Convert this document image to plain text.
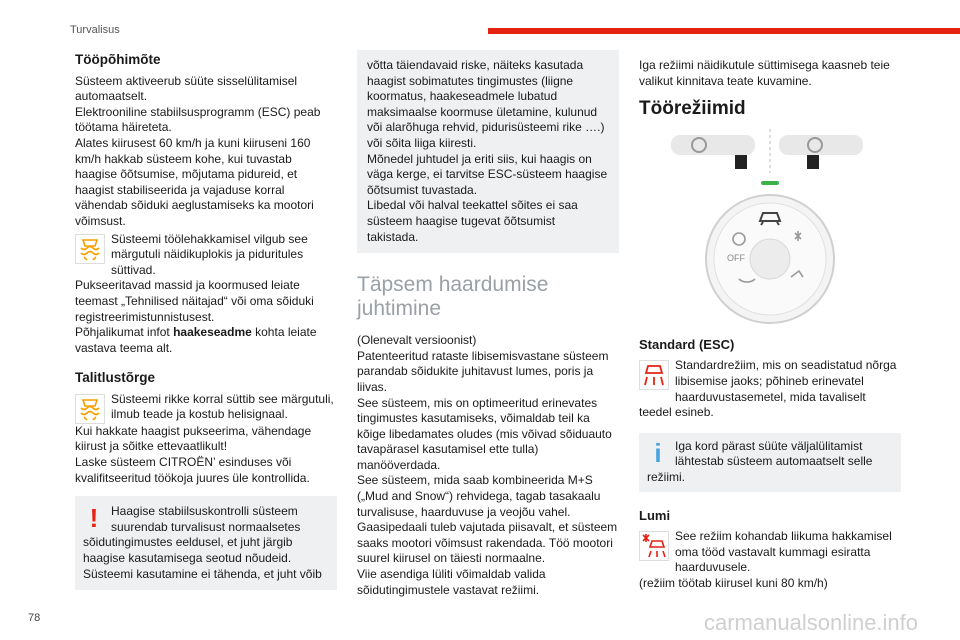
Turvalisus
Tööpõhimõte

Süsteem aktiveerub süüte sisselülitamisel automaatselt.
Elektrooniline stabiilsusprogramm (ESC) peab töötama häireteta.
Alates kiirusest 60 km/h ja kuni kiiruseni 160 km/h hakkab süsteem kohe, kui tuvastab haagise õõtsumise, mõjutama pidureid, et haagist stabiliseerida ja vajaduse korral vähendab sõiduki aeglustamiseks ka mootori võimsust.

Süsteemi töölehakkamisel vilgub see märgutuli näidikuplokis ja piduritules süttivad.

Pukseeritavad massid ja koormused leiate teemast „Tehnilised näitajad“ või oma sõiduki registreerimistunnistusest.
Põhjalikumat infot haakeseadme kohta leiate vastava teema alt.

Talitlustõrge
Süsteemi rikke korral süttib see märgutuli, ilmub teade ja kostub helisignaal.

Kui hakkate haagist pukseerima, vähendage kiirust ja sõitke ettevaatlikult!
Laske süsteem CITROËN’ esinduses või kvalifitseeritud töökoja juures üle kontrollida.

!	Haagise stabiilsuskontrolli süsteem suurendab turvalisust normaalsetes sõidutingimustes eeldusel, et juht järgib haagise kasutamisega seotud nõudeid. Süsteemi kasutamine ei tähenda, et juht võib

võtta täiendavaid riske, näiteks kasutada haagist sobimatutes tingimustes (liigne koormatus, haakeseadmele lubatud maksimaalse koormuse ületamine, kulunud või alarõhuga rehvid, pidurisüsteemi rike ….) või sõita liiga kiiresti.
Mõnedel juhtudel ja eriti siis, kui haagis on väga kerge, ei tarvitse ESC-süsteem haagise õõtsumist tuvastada.
Libedal või halval teekattel sõites ei saa süsteem haagise tugevat õõtsumist takistada.

Täpsem haardumise juhtimine

(Olenevalt versioonist)
Patenteeritud rataste libisemisvastane süsteem parandab sõidukite juhitavust lumes, poris ja liivas.
See süsteem, mis on optimeeritud erinevates tingimustes kasutamiseks, võimaldab teil ka kõige libedamates oludes (mis võivad sõiduauto tavapärasel kasutamisel ette tulla) manööverdada.
See süsteem, mida saab kombineerida M+S („Mud and Snow“) rehvidega, tagab tasakaalu turvalisuse, haarduvuse ja veojõu vahel.
Gaasipedaali tuleb vajutada piisavalt, et süsteem saaks mootori võimsust rakendada. Töö mootori suurel kiirusel on täiesti normaalne.
Viie asendiga lüliti võimaldab valida sõidutingimustele vastavat režiimi.

Iga režiimi näidikutule süttimisega kaasneb teie valikut kinnitava teate kuvamine.

Töörežiimid
OFF
Standard (ESC)
Standardrežiim, mis on seadistatud nõrga libisemise jaoks; põhineb erinevatel haarduvustasemetel, mida tavaliselt teedel esineb.
i	Iga kord pärast süüte väljalülitamist lähtestab süsteem automaatselt selle režiimi.
Lumi
See režiim kohandab liikuma hakkamisel oma tööd vastavalt kummagi esiratta haarduvusele.
(režiim töötab kiirusel kuni 80 km/h)
78	carmanualsonline.info
